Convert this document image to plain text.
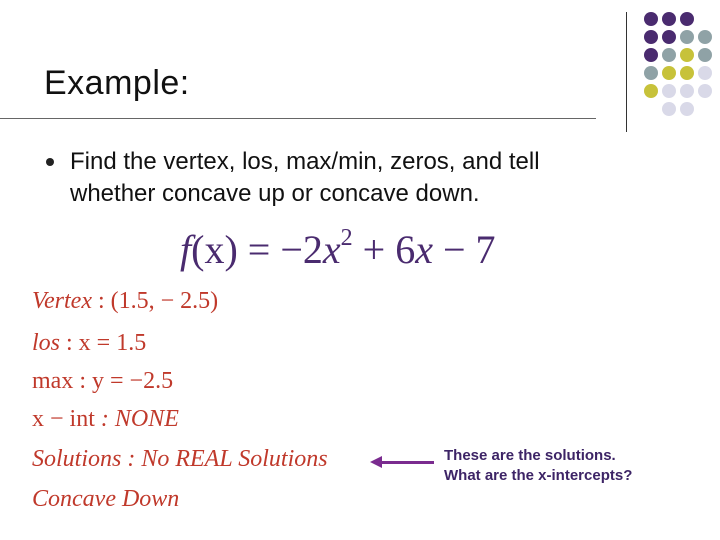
Example:
Find the vertex, los, max/min, zeros, and tell whether concave up or concave down.
$f(x) = -2x^2 + 6x - 7$
Vertex : (1.5, − 2.5)
los : x = 1.5
max : y = −2.5
x − int : NONE
Solutions : No REAL Solutions
Concave Down
These are the solutions.
What are the x-intercepts?
